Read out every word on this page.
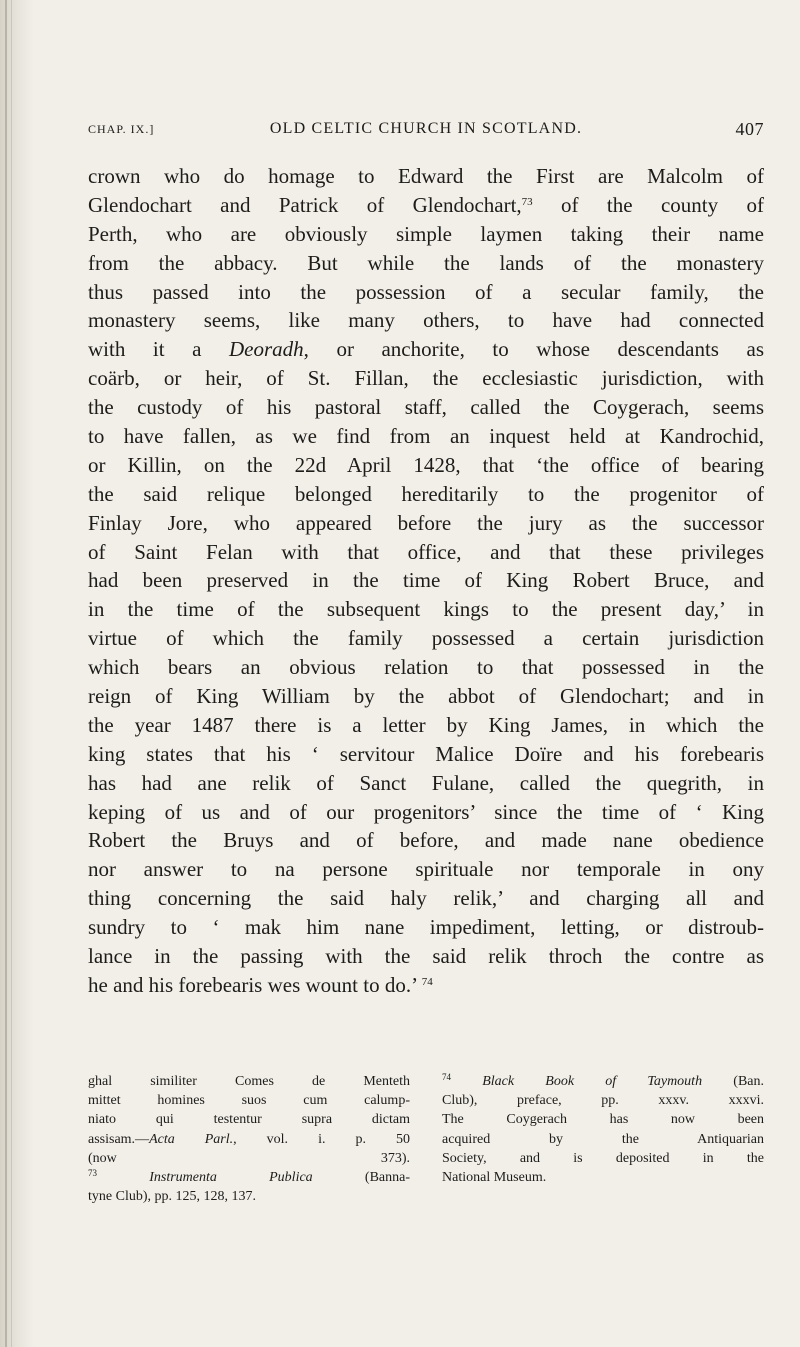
CHAP. IX.]	OLD CELTIC CHURCH IN SCOTLAND.	407
crown who do homage to Edward the First are Malcolm of
Glendochart and Patrick of Glendochart,$^{73}$ of the county of
Perth, who are obviously simple laymen taking their name
from the abbacy. But while the lands of the monastery
thus passed into the possession of a secular family, the
monastery seems, like many others, to have had connected
with it a Deoradh, or anchorite, to whose descendants as
coärb, or heir, of St. Fillan, the ecclesiastic jurisdiction, with
the custody of his pastoral staff, called the Coygerach, seems
to have fallen, as we find from an inquest held at Kandrochid,
or Killin, on the 22d April 1428, that ‘the office of bearing
the said relique belonged hereditarily to the progenitor of
Finlay Jore, who appeared before the jury as the successor
of Saint Felan with that office, and that these privileges
had been preserved in the time of King Robert Bruce, and
in the time of the subsequent kings to the present day,’ in
virtue of which the family possessed a certain jurisdiction
which bears an obvious relation to that possessed in the
reign of King William by the abbot of Glendochart; and in
the year 1487 there is a letter by King James, in which the
king states that his ‘ servitour Malice Doïre and his forebearis
has had ane relik of Sanct Fulane, called the quegrith, in
keping of us and of our progenitors’ since the time of ‘ King
Robert the Bruys and of before, and made nane obedience
nor answer to na persone spirituale nor temporale in ony
thing concerning the said haly relik,’ and charging all and
sundry to ‘ mak him nane impediment, letting, or distroub-
lance in the passing with the said relik throch the contre as
he and his forebearis wes wount to do.’ $^{74}$
ghal similiter Comes de Menteth
mittet homines suos cum calump-
niato qui testentur supra dictam
assisam.—Acta Parl., vol. i. p. 50
(now 373).
$^{73}$	Instrumenta Publica (Banna-
tyne Club), pp. 125, 128, 137.
$^{74}$ Black Book of Taymouth (Ban.
Club), preface, pp. xxxv. xxxvi.
The Coygerach has now been
acquired by the Antiquarian
Society, and is deposited in the
National Museum.
